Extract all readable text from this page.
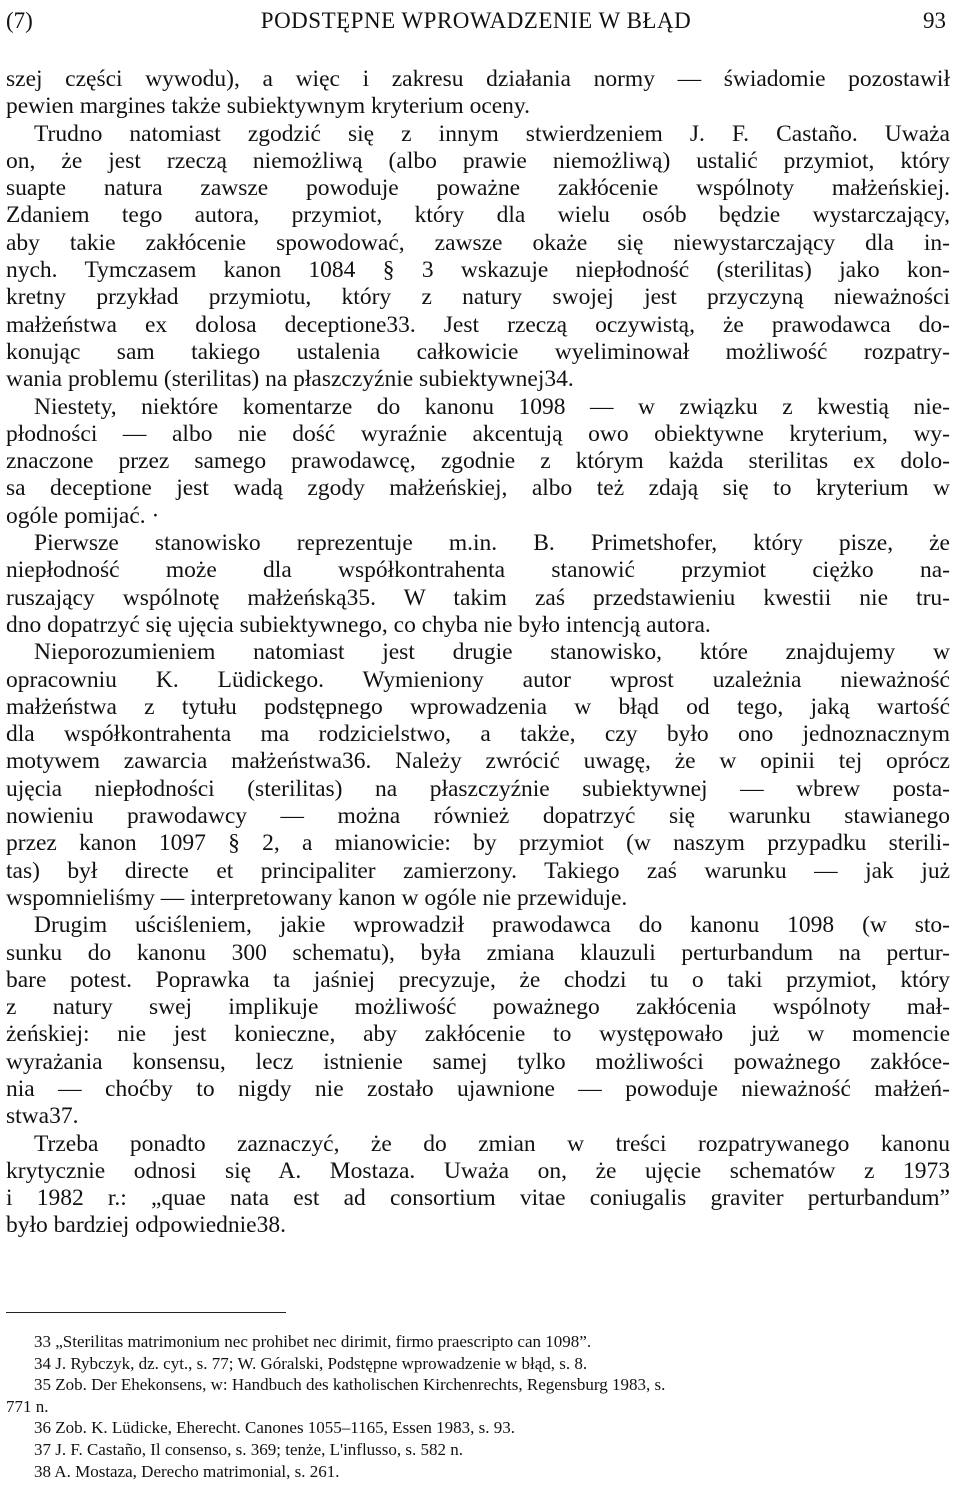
(7)	PODSTĘPNE WPROWADZENIE W BŁĄD	93
szej części wywodu), a więc i zakresu działania normy — świadomie pozostawił
pewien margines także subiektywnym kryterium oceny.
Trudno natomiast zgodzić się z innym stwierdzeniem J. F. Castaño. Uważa
on, że jest rzeczą niemożliwą (albo prawie niemożliwą) ustalić przymiot, który
suapte natura zawsze powoduje poważne zakłócenie wspólnoty małżeńskiej.
Zdaniem tego autora, przymiot, który dla wielu osób będzie wystarczający,
aby takie zakłócenie spowodować, zawsze okaże się niewystarczający dla in-
nych. Tymczasem kanon 1084 § 3 wskazuje niepłodność (sterilitas) jako kon-
kretny przykład przymiotu, który z natury swojej jest przyczyną nieważności
małżeństwa ex dolosa deceptione33. Jest rzeczą oczywistą, że prawodawca do-
konując sam takiego ustalenia całkowicie wyeliminował możliwość rozpatry-
wania problemu (sterilitas) na płaszczyźnie subiektywnej34.
Niestety, niektóre komentarze do kanonu 1098 — w związku z kwestią nie-
płodności — albo nie dość wyraźnie akcentują owo obiektywne kryterium, wy-
znaczone przez samego prawodawcę, zgodnie z którym każda sterilitas ex dolo-
sa deceptione jest wadą zgody małżeńskiej, albo też zdają się to kryterium w
ogóle pomijać. ·
Pierwsze stanowisko reprezentuje m.in. B. Primetshofer, który pisze, że
niepłodność może dla współkontrahenta stanowić przymiot ciężko na-
ruszający wspólnotę małżeńską35. W takim zaś przedstawieniu kwestii nie tru-
dno dopatrzyć się ujęcia subiektywnego, co chyba nie było intencją autora.
Nieporozumieniem natomiast jest drugie stanowisko, które znajdujemy w
opracowniu K. Lüdickego. Wymieniony autor wprost uzależnia nieważność
małżeństwa z tytułu podstępnego wprowadzenia w błąd od tego, jaką wartość
dla współkontrahenta ma rodzicielstwo, a także, czy było ono jednoznacznym
motywem zawarcia małżeństwa36. Należy zwrócić uwagę, że w opinii tej oprócz
ujęcia niepłodności (sterilitas) na płaszczyźnie subiektywnej — wbrew posta-
nowieniu prawodawcy — można również dopatrzyć się warunku stawianego
przez kanon 1097 § 2, a mianowicie: by przymiot (w naszym przypadku sterili-
tas) był directe et principaliter zamierzony. Takiego zaś warunku — jak już
wspomnieliśmy — interpretowany kanon w ogóle nie przewiduje.
Drugim uściśleniem, jakie wprowadził prawodawca do kanonu 1098 (w sto-
sunku do kanonu 300 schematu), była zmiana klauzuli perturbandum na pertur-
bare potest. Poprawka ta jaśniej precyzuje, że chodzi tu o taki przymiot, który
z natury swej implikuje możliwość poważnego zakłócenia wspólnoty mał-
żeńskiej: nie jest konieczne, aby zakłócenie to występowało już w momencie
wyrażania konsensu, lecz istnienie samej tylko możliwości poważnego zakłóce-
nia — choćby to nigdy nie zostało ujawnione — powoduje nieważność małżeń-
stwa37.
Trzeba ponadto zaznaczyć, że do zmian w treści rozpatrywanego kanonu
krytycznie odnosi się A. Mostaza. Uważa on, że ujęcie schematów z 1973
i 1982 r.: „quae nata est ad consortium vitae coniugalis graviter perturbandum”
było bardziej odpowiednie38.
33 „Sterilitas matrimonium nec prohibet nec dirimit, firmo praescripto can 1098”.
34 J. Rybczyk, dz. cyt., s. 77; W. Góralski, Podstępne wprowadzenie w błąd, s. 8.
35 Zob. Der Ehekonsens, w: Handbuch des katholischen Kirchenrechts, Regensburg 1983, s.
771 n.
36 Zob. K. Lüdicke, Eherecht. Canones 1055–1165, Essen 1983, s. 93.
37 J. F. Castaño, Il consenso, s. 369; tenże, L'influsso, s. 582 n.
38 A. Mostaza, Derecho matrimonial, s. 261.
